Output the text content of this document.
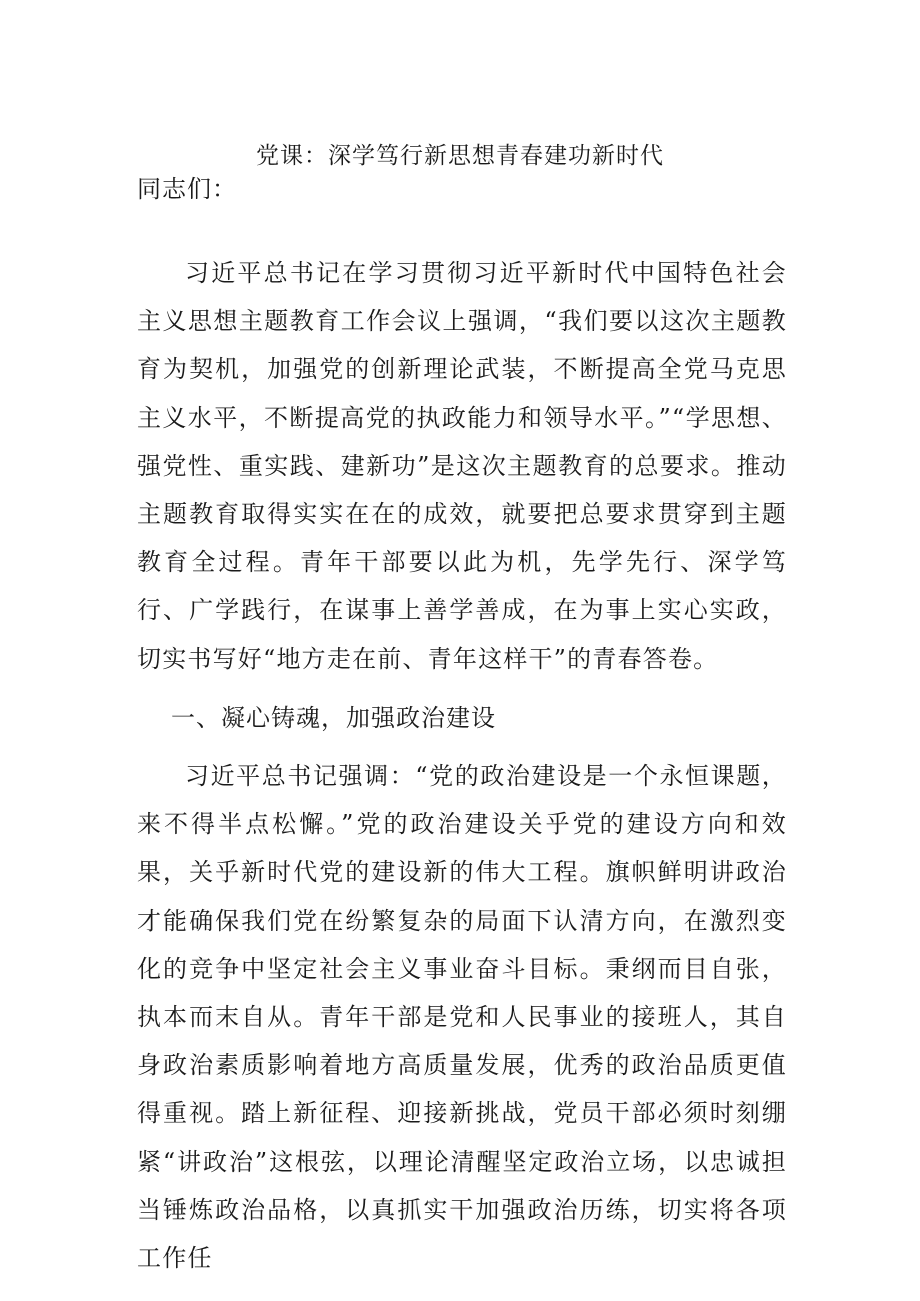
党课：深学笃行新思想青春建功新时代

同志们：

习近平总书记在学习贯彻习近平新时代中国特色社会主义思想主题教育工作会议上强调，“我们要以这次主题教育为契机，加强党的创新理论武装，不断提高全党马克思主义水平，不断提高党的执政能力和领导水平。”“学思想、强党性、重实践、建新功”是这次主题教育的总要求。推动主题教育取得实实在在的成效，就要把总要求贯穿到主题教育全过程。青年干部要以此为机，先学先行、深学笃行、广学践行，在谋事上善学善成，在为事上实心实政，切实书写好“地方走在前、青年这样干”的青春答卷。

一、凝心铸魂，加强政治建设

习近平总书记强调：“党的政治建设是一个永恒课题，来不得半点松懈。”党的政治建设关乎党的建设方向和效果，关乎新时代党的建设新的伟大工程。旗帜鲜明讲政治才能确保我们党在纷繁复杂的局面下认清方向，在激烈变化的竞争中坚定社会主义事业奋斗目标。秉纲而目自张，执本而末自从。青年干部是党和人民事业的接班人，其自身政治素质影响着地方高质量发展，优秀的政治品质更值得重视。踏上新征程、迎接新挑战，党员干部必须时刻绷紧“讲政治”这根弦，以理论清醒坚定政治立场，以忠诚担当锤炼政治品格，以真抓实干加强政治历练，切实将各项工作任
